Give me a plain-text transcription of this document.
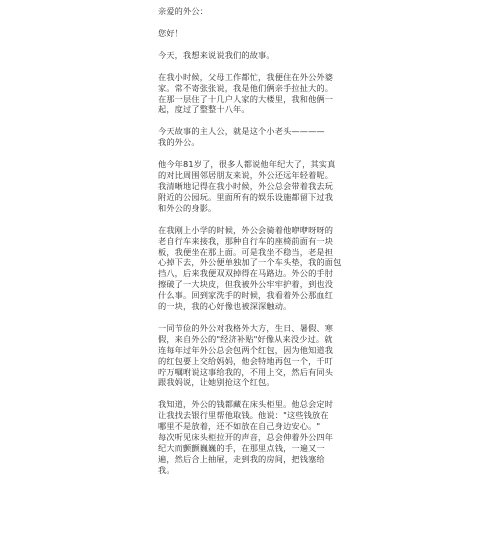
亲爱的外公：
您好！
今天，我想来说说我们的故事。
在我小时候，父母工作都忙，我便住在外公外婆
家。常不寄张张说，我是他们俩亲手拉扯大的。
在那一层住了十几户人家的大楼里，我和他俩一
起，度过了整整十八年。
今天故事的主人公，就是这个小老头————
我的外公。
他今年81岁了，很多人都说他年纪大了，其实真
的对比周围邻居朋友来说，外公还远年轻着呢。
我清晰地记得在我小时候，外公总会带着我去玩
附近的公园玩。里面所有的娱乐设施都留下过我
和外公的身影。
在我刚上小学的时候，外公会骑着他咿咿呀呀的
老自行车来接我，那种自行车的座椅前面有一块
板，我便坐在那上面。可是我坐不稳当，老是担
心掉下去，外公便单独加了一个车头垫，我的面包
挡八，后来我便双双掉得在马路边。外公的手肘
擦破了一大块皮，但我被外公牢牢护着，到也没
什么事。回到家洗手的时候，我看着外公那血红
的一块，我的心好像也被深深触动。
一同节俭的外公对我格外大方，生日、暑假、寒
假，来自外公的"经济补贴"好像从来没少过。就
连每年过年外公总会包两个红包，因为他知道我
的红包要上交给妈妈，他会特地再包一个，千叮
咛万嘱咐说这事给我的，不用上交，然后有同头
跟我妈说，让她别抢这个红包。
我知道，外公的钱都藏在床头柜里。他总会定时
让我找去银行里帮他取钱。他说："这些钱放在
哪里不是放着，还不如放在自己身边安心。"
每次听见床头柜拉开的声音，总会伸着外公四年
纪大而颤颤巍巍的手，在那里点钱，一遍又一
遍，然后合上抽屉，走到我的房间，把钱塞给
我。
